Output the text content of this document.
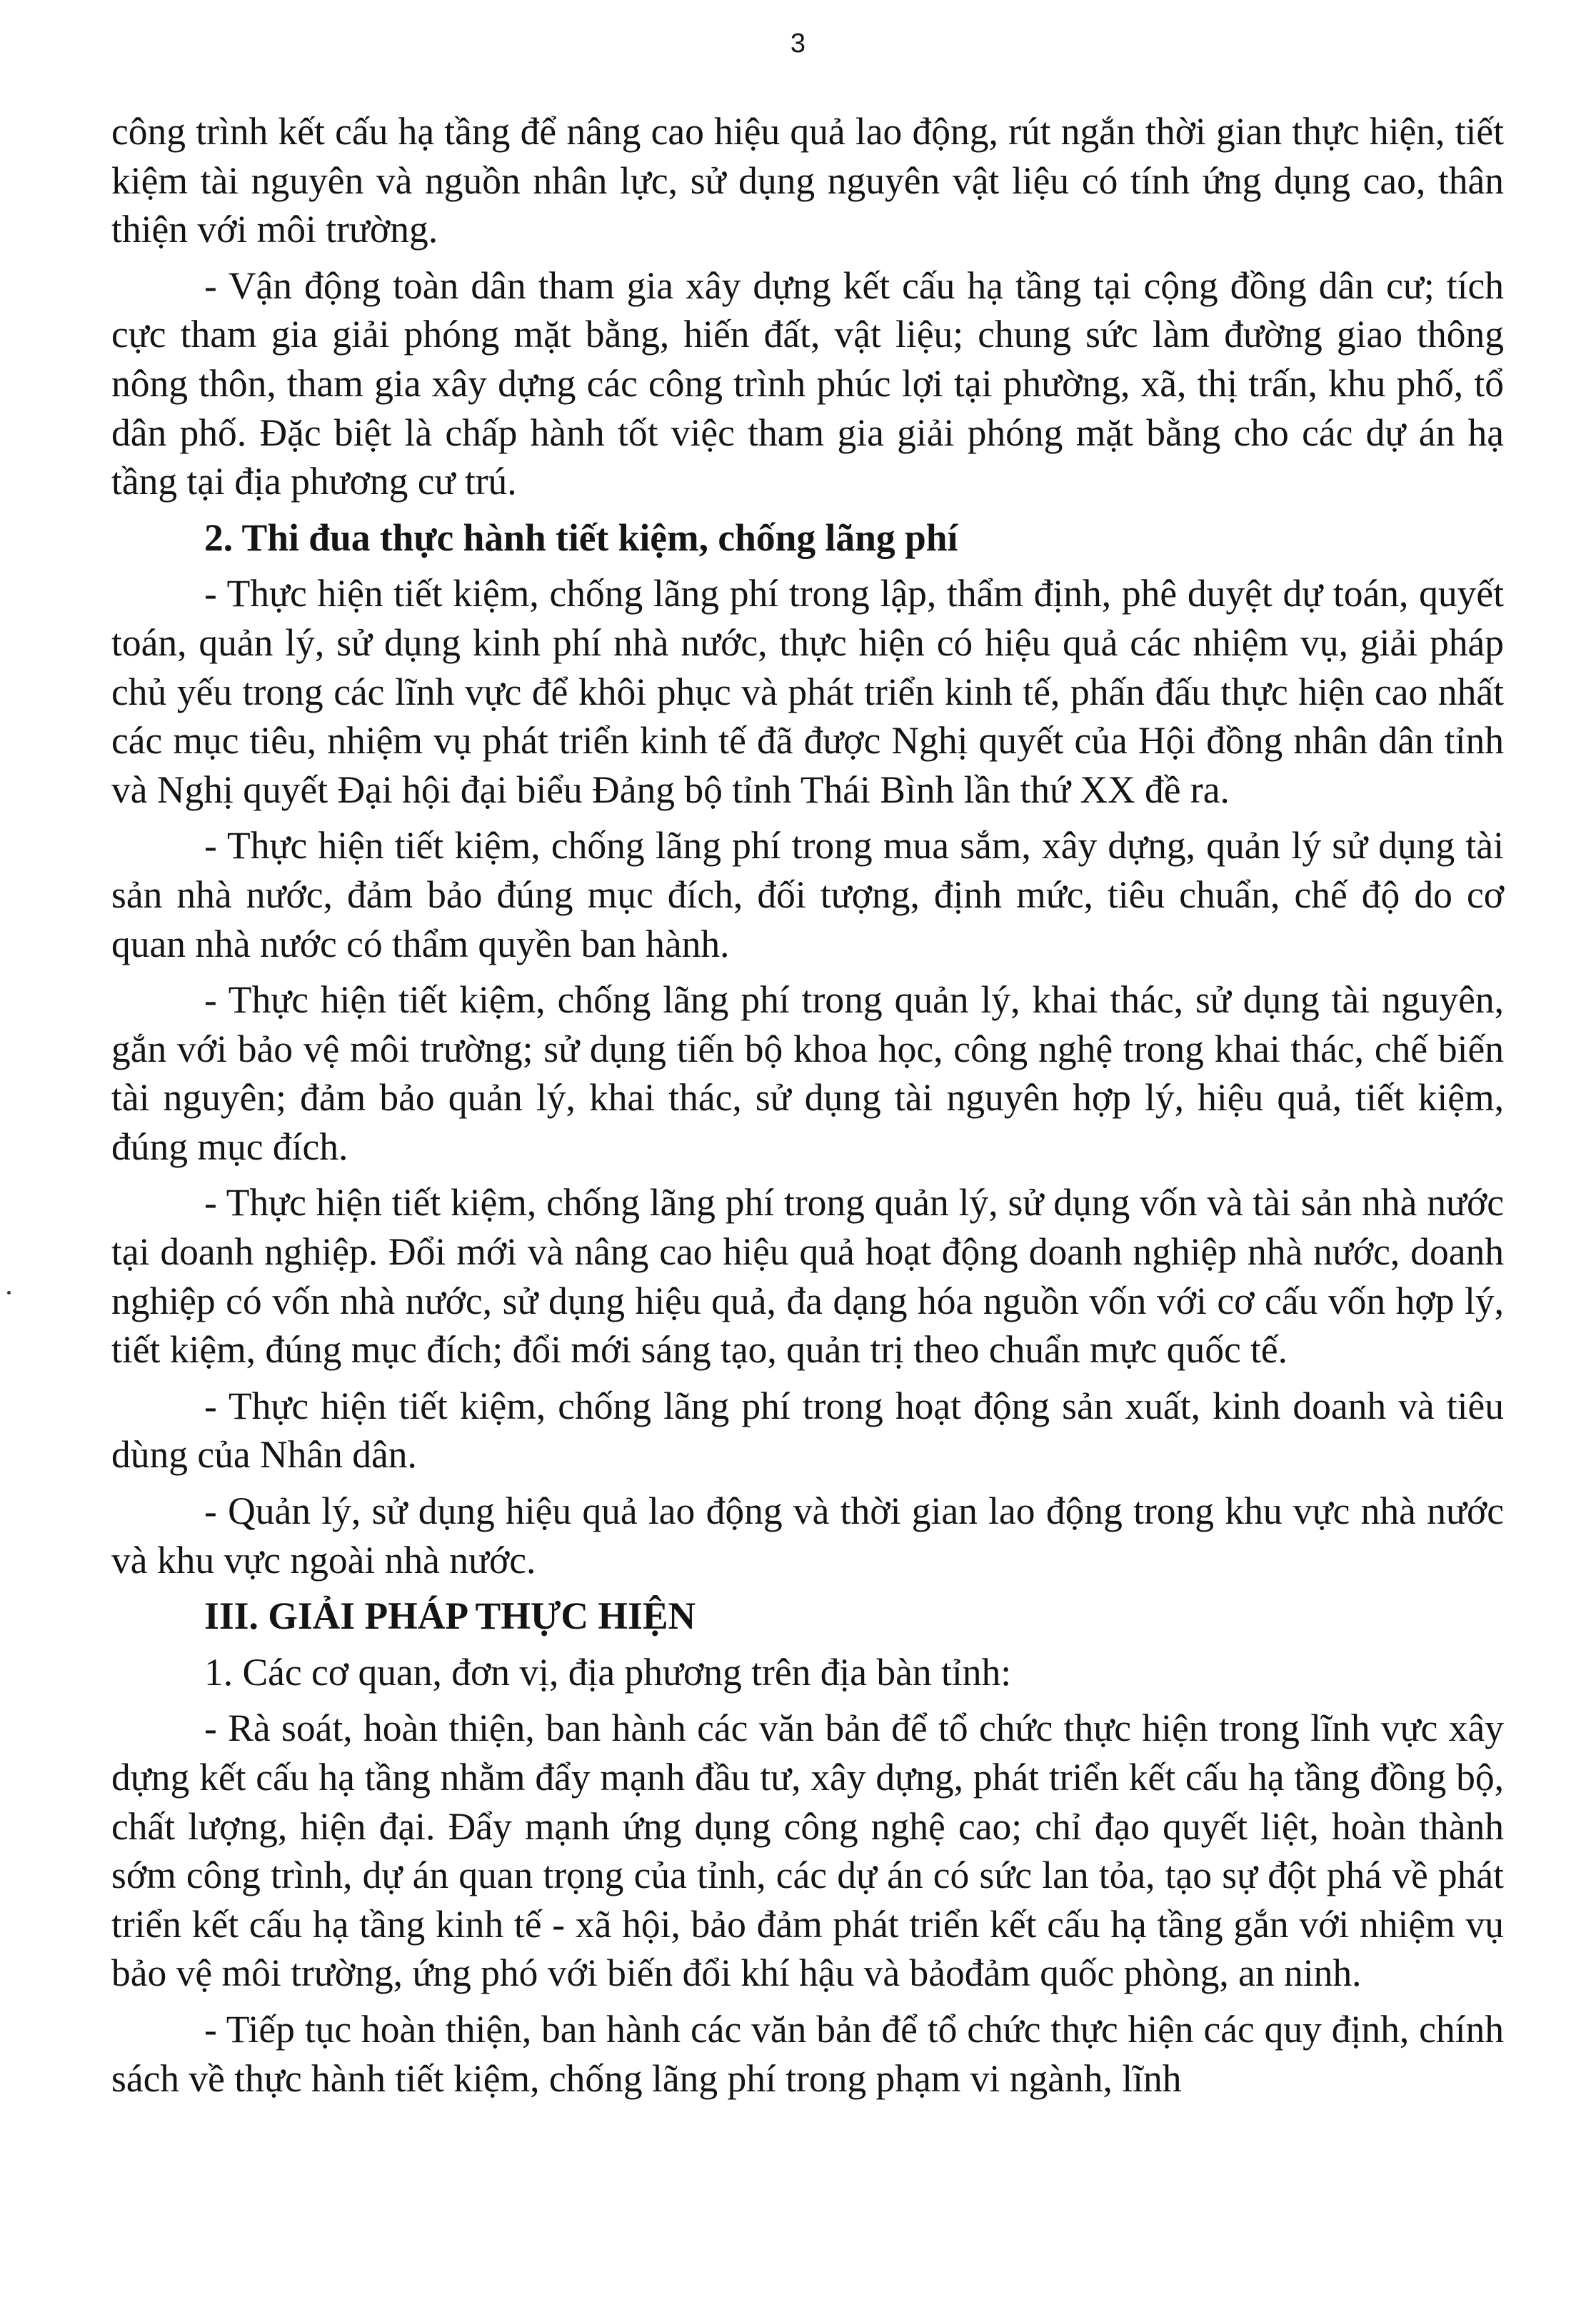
3

công trình kết cấu hạ tầng để nâng cao hiệu quả lao động, rút ngắn thời gian thực hiện, tiết kiệm tài nguyên và nguồn nhân lực, sử dụng nguyên vật liệu có tính ứng dụng cao, thân thiện với môi trường.

- Vận động toàn dân tham gia xây dựng kết cấu hạ tầng tại cộng đồng dân cư; tích cực tham gia giải phóng mặt bằng, hiến đất, vật liệu; chung sức làm đường giao thông nông thôn, tham gia xây dựng các công trình phúc lợi tại phường, xã, thị trấn, khu phố, tổ dân phố. Đặc biệt là chấp hành tốt việc tham gia giải phóng mặt bằng cho các dự án hạ tầng tại địa phương cư trú.

2. Thi đua thực hành tiết kiệm, chống lãng phí

- Thực hiện tiết kiệm, chống lãng phí trong lập, thẩm định, phê duyệt dự toán, quyết toán, quản lý, sử dụng kinh phí nhà nước, thực hiện có hiệu quả các nhiệm vụ, giải pháp chủ yếu trong các lĩnh vực để khôi phục và phát triển kinh tế, phấn đấu thực hiện cao nhất các mục tiêu, nhiệm vụ phát triển kinh tế đã được Nghị quyết của Hội đồng nhân dân tỉnh và Nghị quyết Đại hội đại biểu Đảng bộ tỉnh Thái Bình lần thứ XX đề ra.

- Thực hiện tiết kiệm, chống lãng phí trong mua sắm, xây dựng, quản lý sử dụng tài sản nhà nước, đảm bảo đúng mục đích, đối tượng, định mức, tiêu chuẩn, chế độ do cơ quan nhà nước có thẩm quyền ban hành.

- Thực hiện tiết kiệm, chống lãng phí trong quản lý, khai thác, sử dụng tài nguyên, gắn với bảo vệ môi trường; sử dụng tiến bộ khoa học, công nghệ trong khai thác, chế biến tài nguyên; đảm bảo quản lý, khai thác, sử dụng tài nguyên hợp lý, hiệu quả, tiết kiệm, đúng mục đích.

- Thực hiện tiết kiệm, chống lãng phí trong quản lý, sử dụng vốn và tài sản nhà nước tại doanh nghiệp. Đổi mới và nâng cao hiệu quả hoạt động doanh nghiệp nhà nước, doanh nghiệp có vốn nhà nước, sử dụng hiệu quả, đa dạng hóa nguồn vốn với cơ cấu vốn hợp lý, tiết kiệm, đúng mục đích; đổi mới sáng tạo, quản trị theo chuẩn mực quốc tế.

- Thực hiện tiết kiệm, chống lãng phí trong hoạt động sản xuất, kinh doanh và tiêu dùng của Nhân dân.

- Quản lý, sử dụng hiệu quả lao động và thời gian lao động trong khu vực nhà nước và khu vực ngoài nhà nước.

III. GIẢI PHÁP THỰC HIỆN

1. Các cơ quan, đơn vị, địa phương trên địa bàn tỉnh:

- Rà soát, hoàn thiện, ban hành các văn bản để tổ chức thực hiện trong lĩnh vực xây dựng kết cấu hạ tầng nhằm đẩy mạnh đầu tư, xây dựng, phát triển kết cấu hạ tầng đồng bộ, chất lượng, hiện đại. Đẩy mạnh ứng dụng công nghệ cao; chỉ đạo quyết liệt, hoàn thành sớm công trình, dự án quan trọng của tỉnh, các dự án có sức lan tỏa, tạo sự đột phá về phát triển kết cấu hạ tầng kinh tế - xã hội, bảo đảm phát triển kết cấu hạ tầng gắn với nhiệm vụ bảo vệ môi trường, ứng phó với biến đổi khí hậu và bảođảm quốc phòng, an ninh.

- Tiếp tục hoàn thiện, ban hành các văn bản để tổ chức thực hiện các quy định, chính sách về thực hành tiết kiệm, chống lãng phí trong phạm vi ngành, lĩnh
